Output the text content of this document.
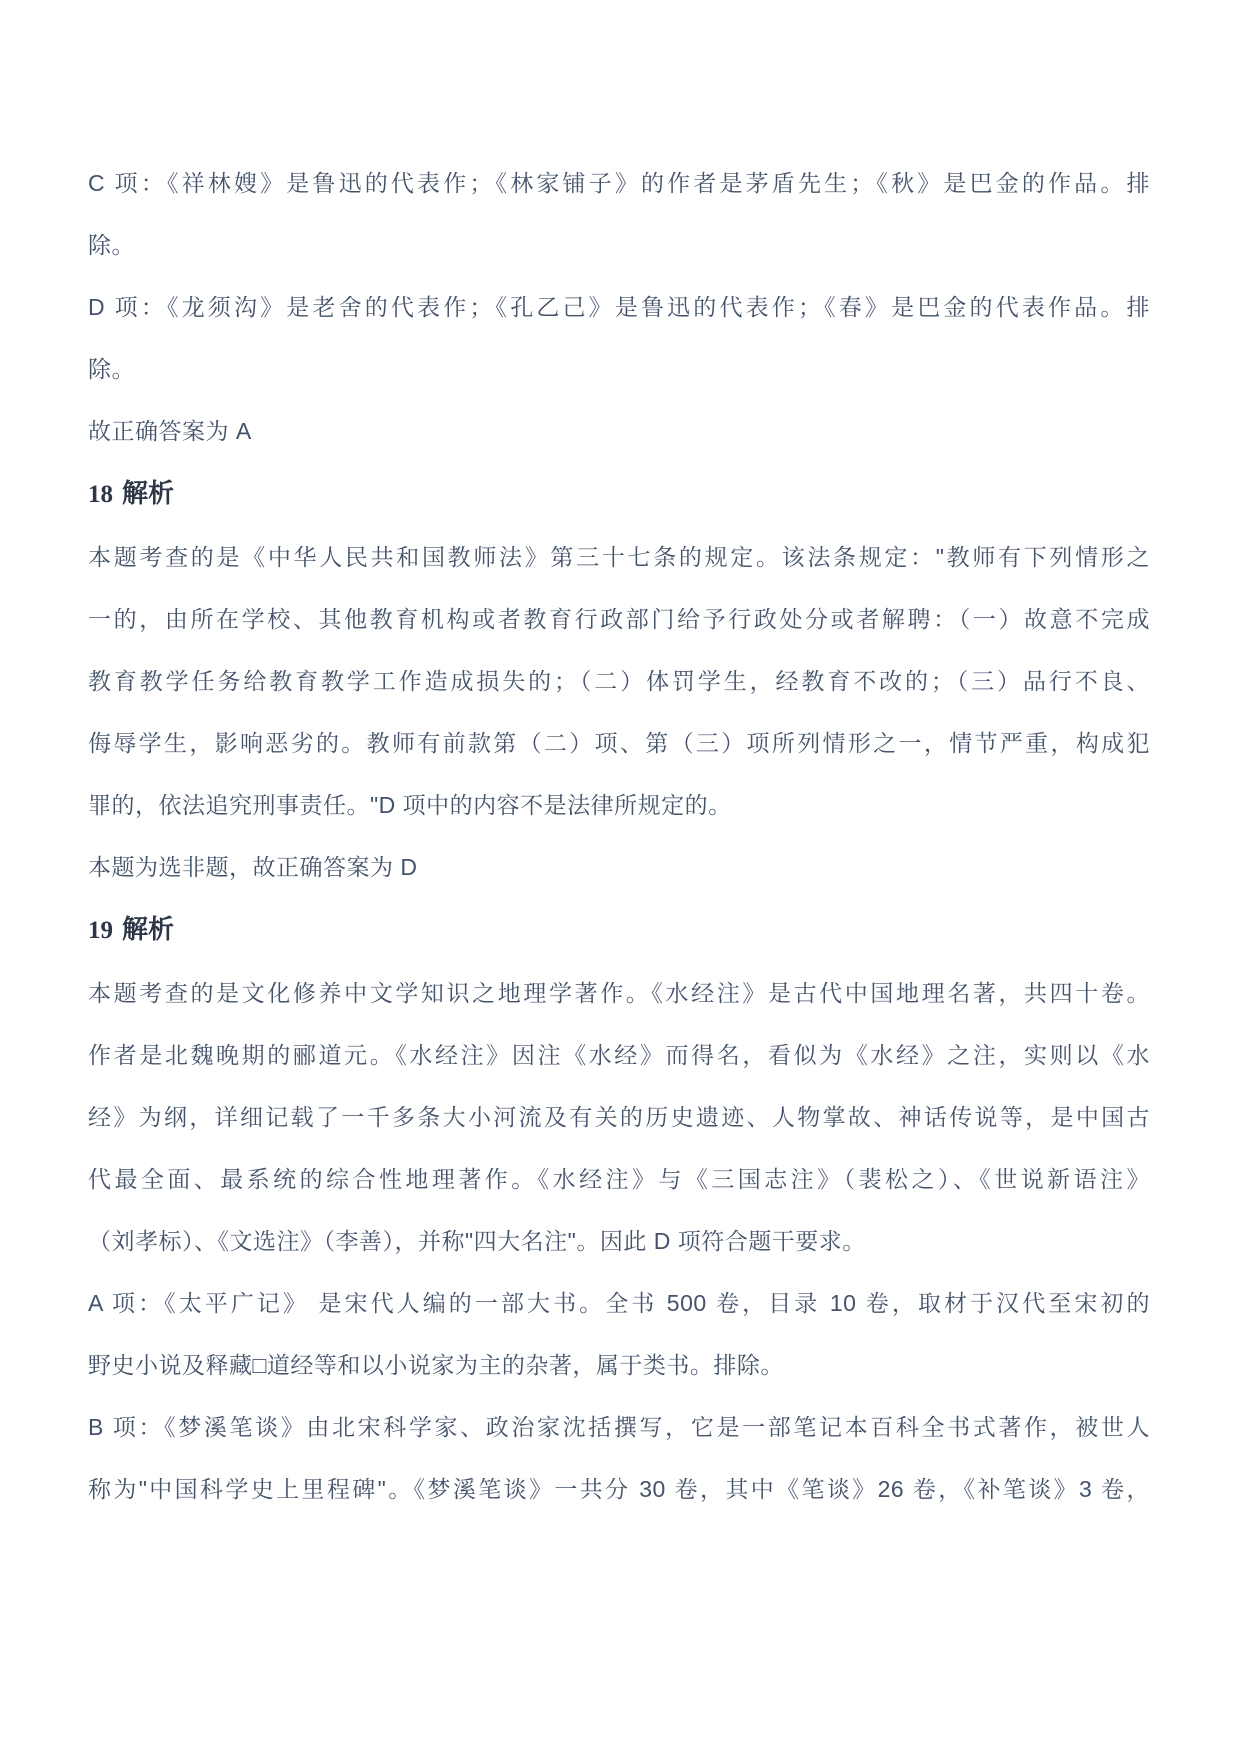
C 项：《祥林嫂》是鲁迅的代表作；《林家铺子》的作者是茅盾先生；《秋》是巴金的作品。排
除。
D 项：《龙须沟》是老舍的代表作；《孔乙己》是鲁迅的代表作；《春》是巴金的代表作品。排
除。
故正确答案为 A
18 解析
本题考查的是《中华人民共和国教师法》第三十七条的规定。该法条规定："教师有下列情形之
一的，由所在学校、其他教育机构或者教育行政部门给予行政处分或者解聘：（一）故意不完成
教育教学任务给教育教学工作造成损失的；（二）体罚学生，经教育不改的；（三）品行不良、
侮辱学生，影响恶劣的。教师有前款第（二）项、第（三）项所列情形之一，情节严重，构成犯
罪的，依法追究刑事责任。"D 项中的内容不是法律所规定的。
本题为选非题，故正确答案为 D
19 解析
本题考查的是文化修养中文学知识之地理学著作。《水经注》是古代中国地理名著，共四十卷。
作者是北魏晚期的郦道元。《水经注》因注《水经》而得名，看似为《水经》之注，实则以《水
经》为纲，详细记载了一千多条大小河流及有关的历史遗迹、人物掌故、神话传说等，是中国古
代最全面、最系统的综合性地理著作。《水经注》与《三国志注》（裴松之）、《世说新语注》
（刘孝标）、《文选注》（李善），并称"四大名注"。因此 D 项符合题干要求。
A 项：《太平广记》 是宋代人编的一部大书。全书 500 卷，目录 10 卷，取材于汉代至宋初的
野史小说及释藏□道经等和以小说家为主的杂著，属于类书。排除。
B 项：《梦溪笔谈》由北宋科学家、政治家沈括撰写，它是一部笔记本百科全书式著作，被世人
称为"中国科学史上里程碑"。《梦溪笔谈》一共分 30 卷，其中《笔谈》26 卷，《补笔谈》3 卷，
